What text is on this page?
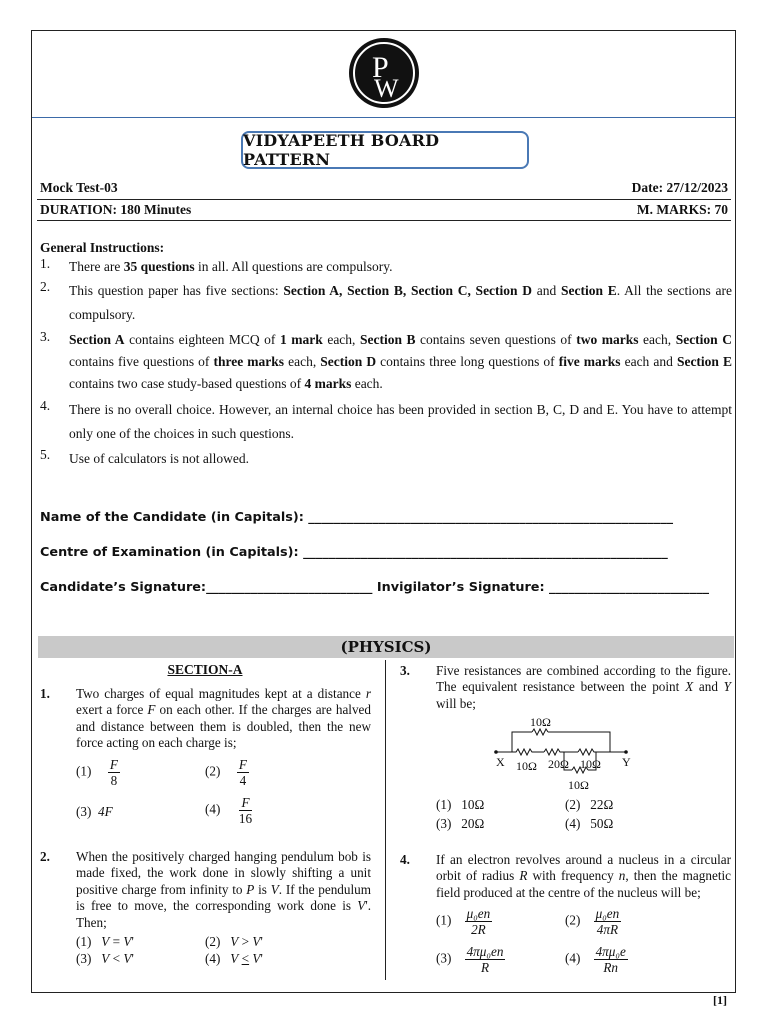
P
W
VIDYAPEETH BOARD PATTERN
Mock Test-03	Date: 27/12/2023
DURATION: 180 Minutes	M. MARKS: 70
General Instructions:
1. There are 35 questions in all. All questions are compulsory.
2. This question paper has five sections: Section A, Section B, Section C, Section D and Section E. All the sections are compulsory.
3. Section A contains eighteen MCQ of 1 mark each, Section B contains seven questions of two marks each, Section C contains five questions of three marks each, Section D contains three long questions of five marks each and Section E contains two case study-based questions of 4 marks each.
4. There is no overall choice. However, an internal choice has been provided in section B, C, D and E. You have to attempt only one of the choices in such questions.
5. Use of calculators is not allowed.
Name of the Candidate (in Capitals): _________________________________________________________
Centre of Examination (in Capitals): _________________________________________________________
Candidate’s Signature:__________________________ Invigilator’s Signature: _________________________
(PHYSICS)
SECTION-A
1. Two charges of equal magnitudes kept at a distance r exert a force F on each other. If the charges are halved and distance between them is doubled, then the new force acting on each charge is;
$(1) \frac{F}{8}$	$(2) \frac{F}{4}$
(3) 4F	$(4) \frac{F}{16}$
2. When the positively charged hanging pendulum bob is made fixed, the work done in slowly shifting a unit positive charge from infinity to P is V. If the pendulum is free to move, the corresponding work done is V'. Then;
(1)   V = V'	(2)   V > V'
(3)   V < V'	(4)   V < V'
3. Five resistances are combined according to the figure. The equivalent resistance between the point X and Y will be;
10Ω
10Ω 20Ω 10Ω
10Ω
X	Y
(1)   10Ω	(2)   22Ω
(3)   20Ω	(4)   50Ω
4. If an electron revolves around a nucleus in a circular orbit of radius R with frequency n, then the magnetic field produced at the centre of the nucleus will be;
$(1) \frac{\text{μ₀en}}{2R}$	$(2) \frac{\text{μ₀en}}{4\pi R}$
$(3) \frac{\text{4πμ₀en}}{R}$	$(4) \frac{\text{4πμ₀e}}{Rn}$
[1]
